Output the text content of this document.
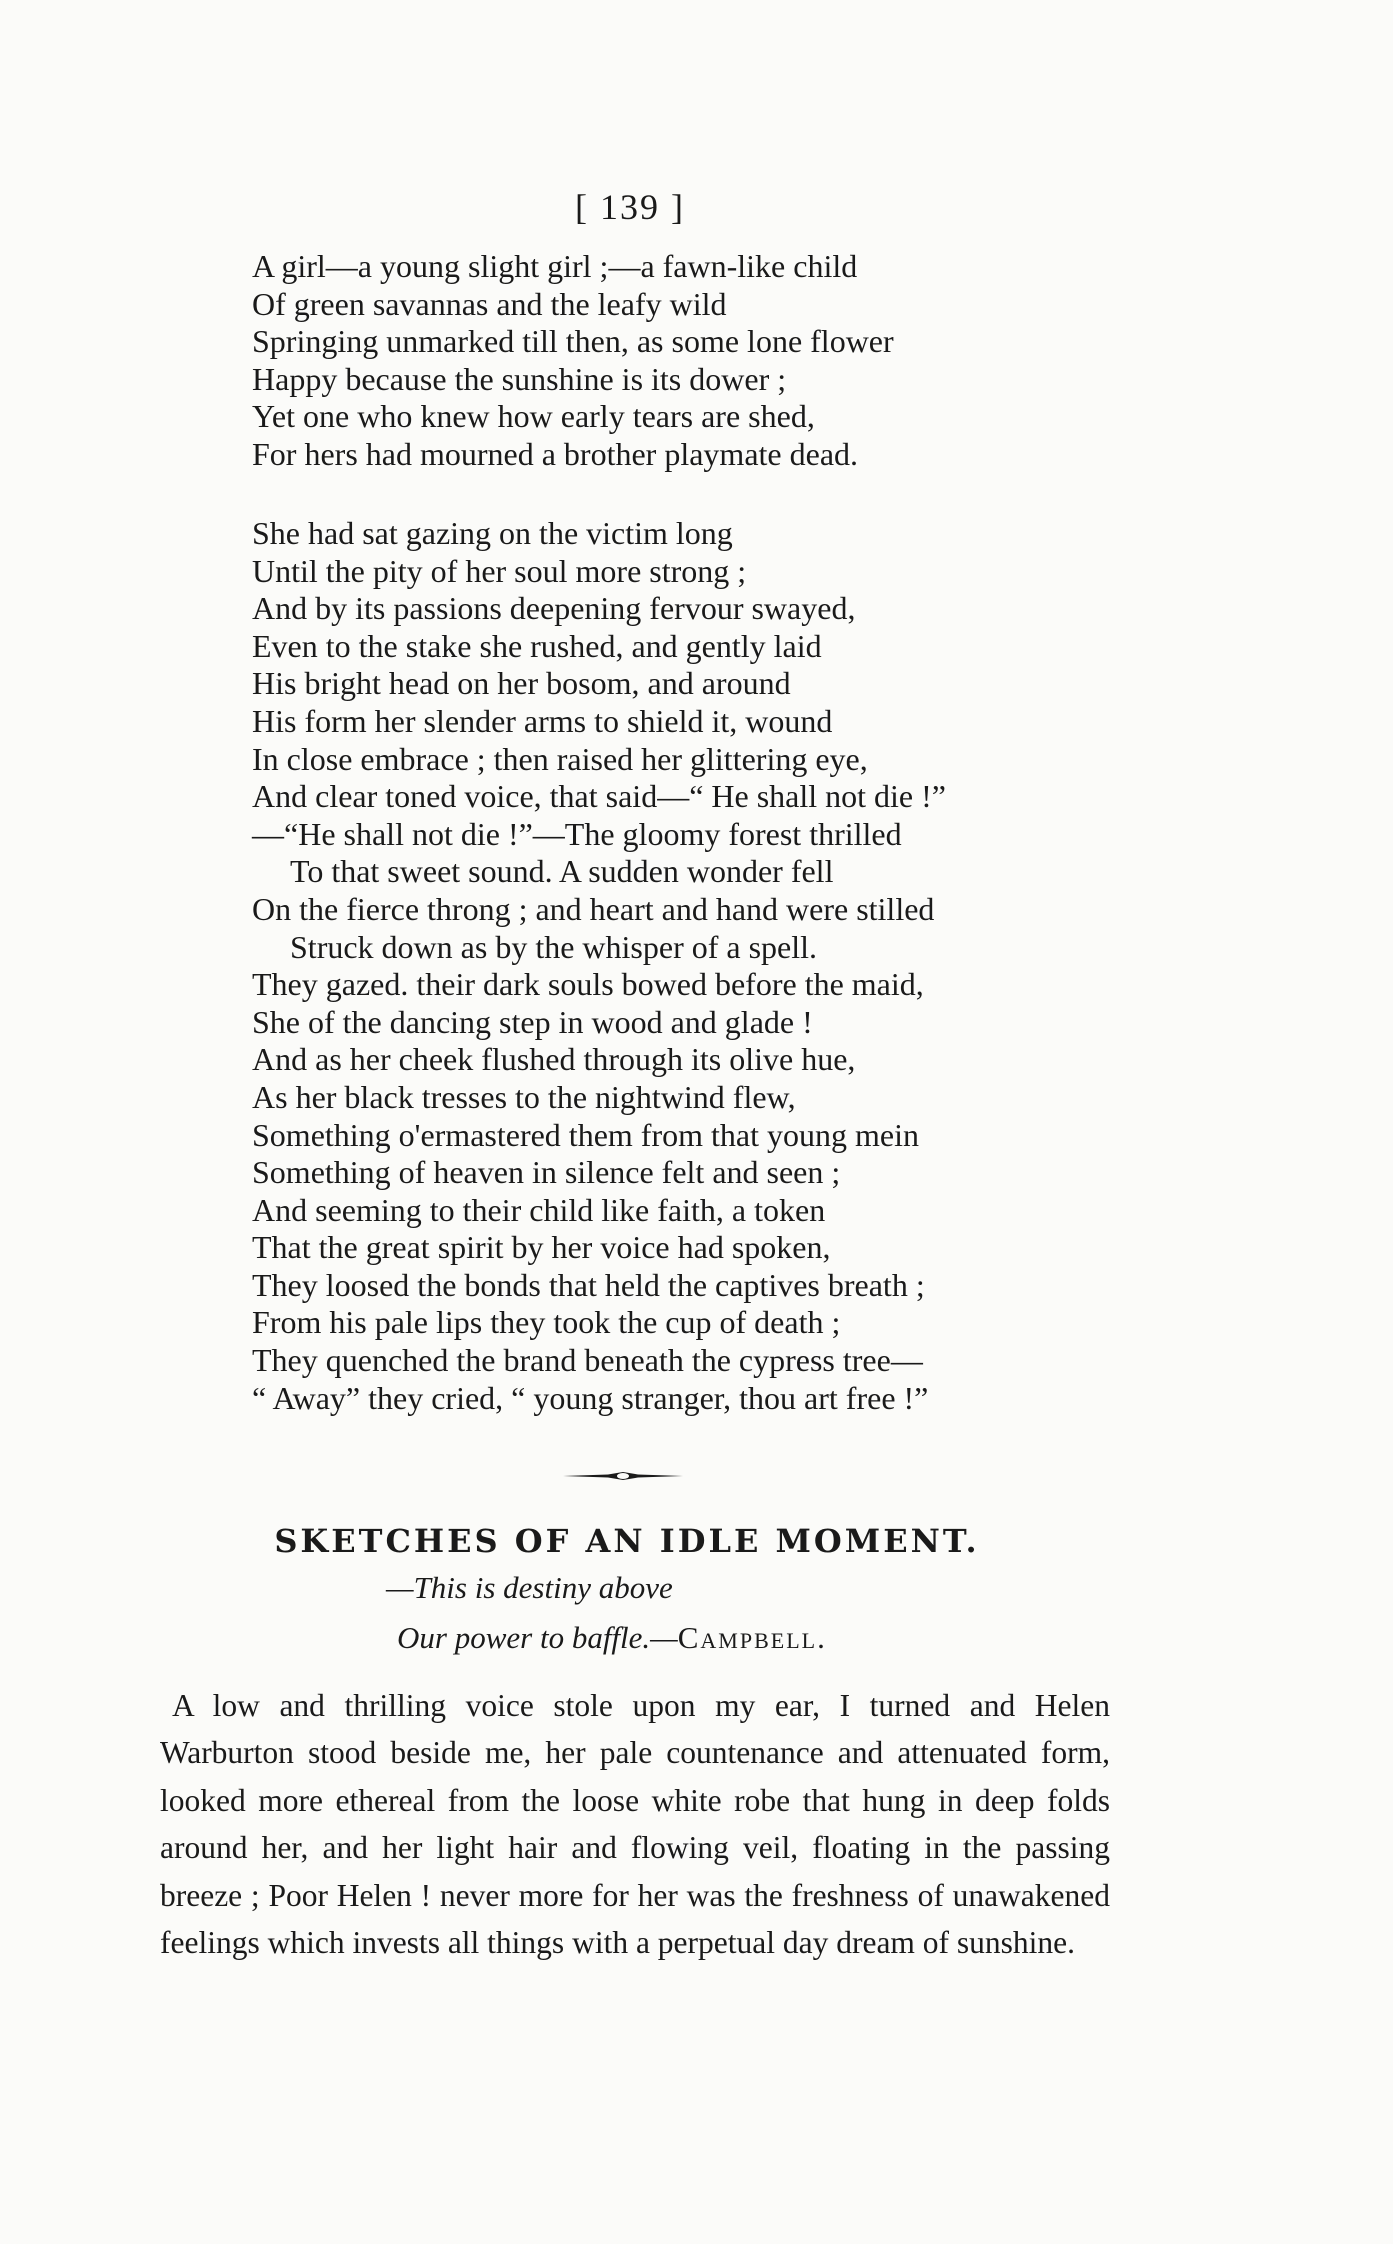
[ 139 ]
A girl—a young slight girl ;—a fawn-like child
Of green savannas and the leafy wild
Springing unmarked till then, as some lone flower
Happy because the sunshine is its dower ;
Yet one who knew how early tears are shed,
For hers had mourned a brother playmate dead.
She had sat gazing on the victim long
Until the pity of her soul more strong ;
And by its passions deepening fervour swayed,
Even to the stake she rushed, and gently laid
His bright head on her bosom, and around
His form her slender arms to shield it, wound
In close embrace ; then raised her glittering eye,
And clear toned voice, that said—“ He shall not die !”
—“He shall not die !”—The gloomy forest thrilled
To that sweet sound. A sudden wonder fell
On the fierce throng ; and heart and hand were stilled
Struck down as by the whisper of a spell.
They gazed. their dark souls bowed before the maid,
She of the dancing step in wood and glade !
And as her cheek flushed through its olive hue,
As her black tresses to the nightwind flew,
Something o'ermastered them from that young mein
Something of heaven in silence felt and seen ;
And seeming to their child like faith, a token
That the great spirit by her voice had spoken,
They loosed the bonds that held the captives breath ;
From his pale lips they took the cup of death ;
They quenched the brand beneath the cypress tree—
“ Away” they cried, “ young stranger, thou art free !”
SKETCHES OF AN IDLE MOMENT.
—This is destiny above
Our power to baffle.—Campbell.

A low and thrilling voice stole upon my ear, I turned and Helen Warburton stood beside me, her pale countenance and attenuated form, looked more ethereal from the loose white robe that hung in deep folds around her, and her light hair and flowing veil, floating in the passing breeze ; Poor Helen ! never more for her was the freshness of unawakened feelings which invests all things with a perpetual day dream of sunshine.
